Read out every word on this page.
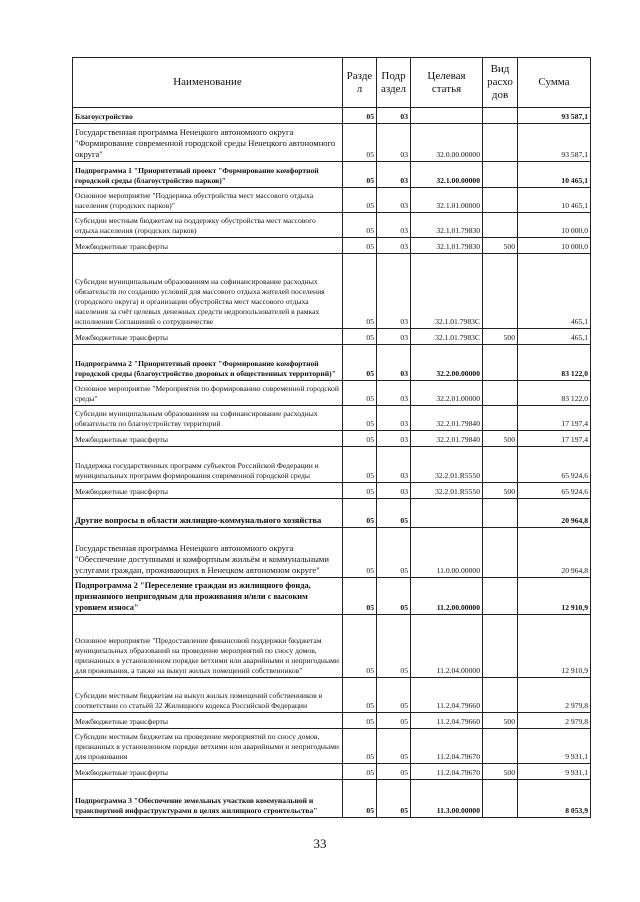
Наименование	Разде л	Подр аздел	Целевая статья	Вид расхо дов	Сумма
Благоустройство	05	03			93 587,1
Государственная программа Ненецкого автономного округа "Формирование современной городской среды Ненецкого автономного округа"	05	03	32.0.00.00000		93 587,1
Подпрограмма 1 "Приоритетный проект "Формирование комфортной городской среды (благоустройство парков)"	05	03	32.1.00.00000		10 465,1
Основное мероприятие "Поддержка обустройства мест массового отдыха населения (городских парков)"	05	03	32.1.01.00000		10 465,1
Субсидии местным бюджетам на поддержку обустройства мест массового отдыха населения (городских парков)	05	03	32.1.01.79830		10 000,0
Межбюджетные трансферты	05	03	32.1.01.79830	500	10 000,0
Субсидии муниципальным образованиям на софинансирование расходных обязательств по созданию условий для массового отдыха жителей поселения (городского округа) и организации обустройства мест массового отдыха населения за счёт целевых денежных средств недропользователей в рамках исполнения Соглашений о сотрудничестве	05	03	32.1.01.7983C		465,1
Межбюджетные трансферты	05	03	32.1.01.7983C	500	465,1
Подпрограмма 2 "Приоритетный проект "Формирование комфортной городской среды (благоустройство дворовых и общественных территорий)"	05	03	32.2.00.00000		83 122,0
Основное мероприятие "Мероприятия по формированию современной городской среды"	05	03	32.2.01.00000		83 122,0
Субсидии муниципальным образованиям на софинансирование расходных обязательств по благоустройству территорий	05	03	32.2.01.79840		17 197,4
Межбюджетные трансферты	05	03	32.2.01.79840	500	17 197,4
Поддержка государственных программ субъектов Российской Федерации и муниципальных программ формирования современной городской среды	05	03	32.2.01.R5550		65 924,6
Межбюджетные трансферты	05	03	32.2.01.R5550	500	65 924,6
Другие вопросы в области жилищно-коммунального хозяйства	05	05			20 964,8
Государственная программа Ненецкого автономного округа "Обеспечение доступными и комфортным жильём и коммунальными услугами граждан, проживающих в Ненецком автономном округе"	05	05	11.0.00.00000		20 964,8
Подпрограмма 2 "Переселение граждан из жилищного фонда, признанного непригодным для проживания и/или с высоким уровнем износа"	05	05	11.2.00.00000		12 910,9
Основное мероприятие "Предоставление финансовой поддержки бюджетам муниципальных образований на проведение мероприятий по сносу домов, признанных в установленном порядке ветхими или аварийными и непригодными для проживания, а также на выкуп жилых помещений собственников"	05	05	11.2.04.00000		12 910,9
Субсидии местным бюджетам на выкуп жилых помещений собственников в соответствии со статьёй 32 Жилищного кодекса Российской Федерации	05	05	11.2.04.79660		2 979,8
Межбюджетные трансферты	05	05	11.2.04.79660	500	2 979,8
Субсидии местным бюджетам на проведение мероприятий по сносу домов, признанных в установленном порядке ветхими или аварийными и непригодными для проживания	05	05	11.2.04.79670		9 931,1
Межбюджетные трансферты	05	05	11.2.04.79670	500	9 931,1
Подпрограмма 3 "Обеспечение земельных участков коммунальной и транспортной инфраструктурами в целях жилищного строительства"	05	05	11.3.00.00000		8 053,9
33
